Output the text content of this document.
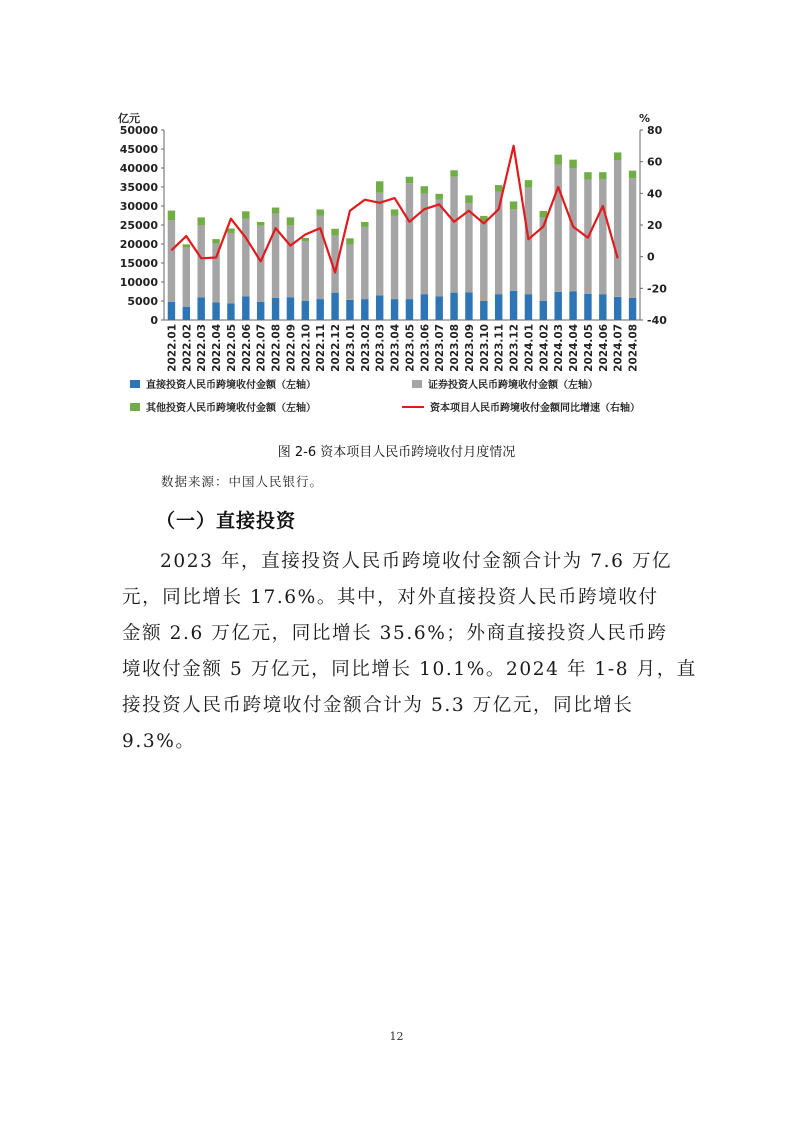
亿元	%
0
5000
10000
15000
20000
25000
30000
35000
40000
45000
50000
-40
-20
0
20
40
60
80
2022.01 2022.02 2022.03 2022.04 2022.05 2022.06 2022.07 2022.08 2022.09 2022.10 2022.11 2022.12 2023.01 2023.02 2023.03 2023.04 2023.05 2023.06 2023.07 2023.08 2023.09 2023.10 2023.11 2023.12 2024.01 2024.02 2024.03 2024.04 2024.05 2024.06 2024.07 2024.08
直接投资人民币跨境收付金额（左轴）	证券投资人民币跨境收付金额（左轴）
其他投资人民币跨境收付金额（左轴）	资本项目人民币跨境收付金额同比增速（右轴）
图 2-6 资本项目人民币跨境收付月度情况
数据来源：中国人民银行。
（一）直接投资
2023 年，直接投资人民币跨境收付金额合计为 7.6 万亿
元，同比增长 17.6%。其中，对外直接投资人民币跨境收付
金额 2.6 万亿元，同比增长 35.6%；外商直接投资人民币跨
境收付金额 5 万亿元，同比增长 10.1%。2024 年 1-8 月，直
接投资人民币跨境收付金额合计为 5.3 万亿元，同比增长
9.3%。
12
